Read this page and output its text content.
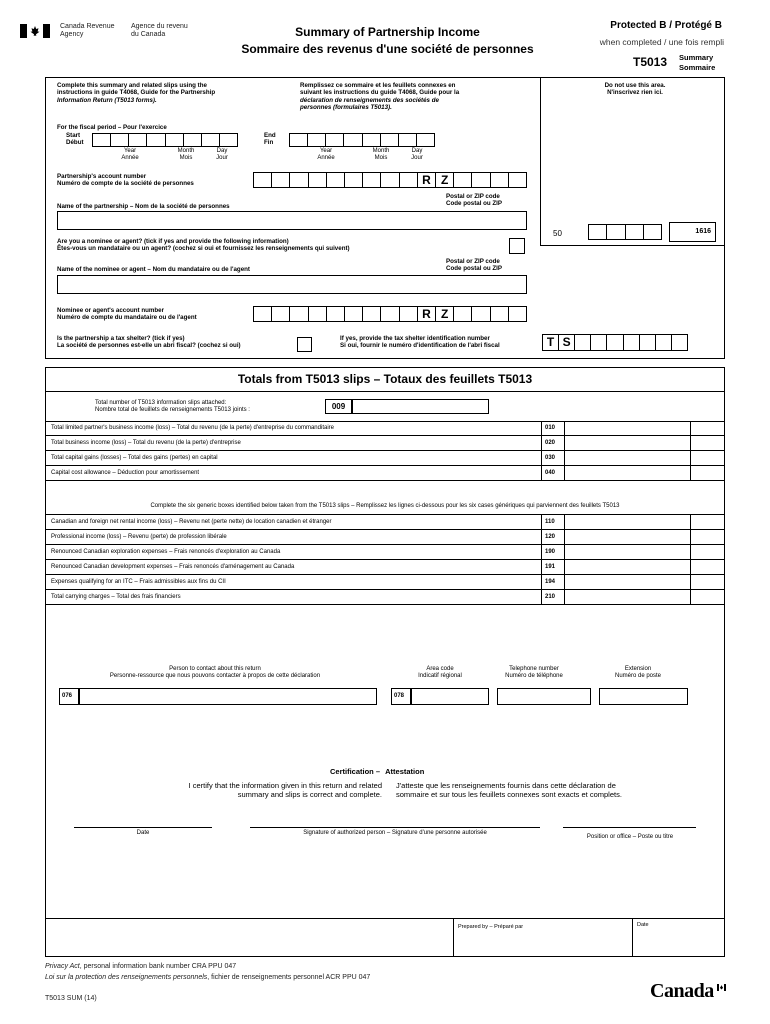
Canada Revenue
Agency
Agence du revenu
du Canada	Summary of Partnership Income
Sommaire des revenus d'une société de personnes
Protected B / Protégé B
when completed / une fois rempli
T5013 Summary
Sommaire
Complete this summary and related slips using the
instructions in guide T4068, Guide for the Partnership
Information Return (T5013 forms).
Remplissez ce sommaire et les feuillets connexes en
suivant les instructions du guide T4068, Guide pour la
déclaration de renseignements des sociétés de
personnes (formulaires T5013).
Do not use this area.
N'inscrivez rien ici.
For the fiscal period – Pour l'exercice
Start
Début
Year
Année
Month
Mois
Day
Jour
End
Fin
Year
Année
Month
Mois
Day
Jour
Partnership's account number
Numéro de compte de la société de personnes	R Z
Name of the partnership – Nom de la société de personnes
Postal or ZIP code
Code postal ou ZIP
50	1616
Are you a nominee or agent? (tick if yes and provide the following information)
Êtes-vous un mandataire ou un agent? (cochez si oui et fournissez les renseignements qui suivent)
Postal or ZIP code
Code postal ou ZIP
Name of the nominee or agent – Nom du mandataire ou de l'agent
Nominee or agent's account number
Numéro de compte du mandataire ou de l'agent	R Z
Is the partnership a tax shelter? (tick if yes)
La société de personnes est-elle un abri fiscal? (cochez si oui)
If yes, provide the tax shelter identification number
Si oui, fournir le numéro d'identification de l'abri fiscal	T S
Totals from T5013 slips – Totaux des feuillets T5013
Total number of T5013 information slips attached:
Nombre total de feuillets de renseignements T5013 joints :	009
Total limited partner's business income (loss) – Total du revenu (de la perte) d'entreprise du commanditaire	010
Total business income (loss) – Total du revenu (de la perte) d'entreprise	020
Total capital gains (losses) – Total des gains (pertes) en capital	030
Capital cost allowance – Déduction pour amortissement	040
Complete the six generic boxes identified below taken from the T5013 slips – Remplissez les lignes ci-dessous pour les six cases génériques qui parviennent des feuillets T5013
Canadian and foreign net rental income (loss) – Revenu net (perte nette) de location canadien et étranger	110
Professional income (loss) – Revenu (perte) de profession libérale	120
Renounced Canadian exploration expenses – Frais renoncés d'exploration au Canada	190
Renounced Canadian development expenses – Frais renoncés d'aménagement au Canada	191
Expenses qualifying for an ITC – Frais admissibles aux fins du CII	194
Total carrying charges – Total des frais financiers	210
Person to contact about this return
Personne-ressource que nous pouvons contacter à propos de cette déclaration
Area code
Indicatif régional
Telephone number
Numéro de téléphone
Extension
Numéro de poste
076	078
Certification – Attestation
I certify that the information given in this return and related
summary and slips is correct and complete.
J'atteste que les renseignements fournis dans cette déclaration de
sommaire et sur tous les feuillets connexes sont exacts et complets.
Date	Signature of authorized person – Signature d'une personne autorisée
Position or office – Poste ou titre
Prepared by – Préparé par	Date
Privacy Act, personal information bank number CRA PPU 047
Loi sur la protection des renseignements personnels, fichier de renseignements personnel ACR PPU 047
T5013 SUM (14)	Canada
